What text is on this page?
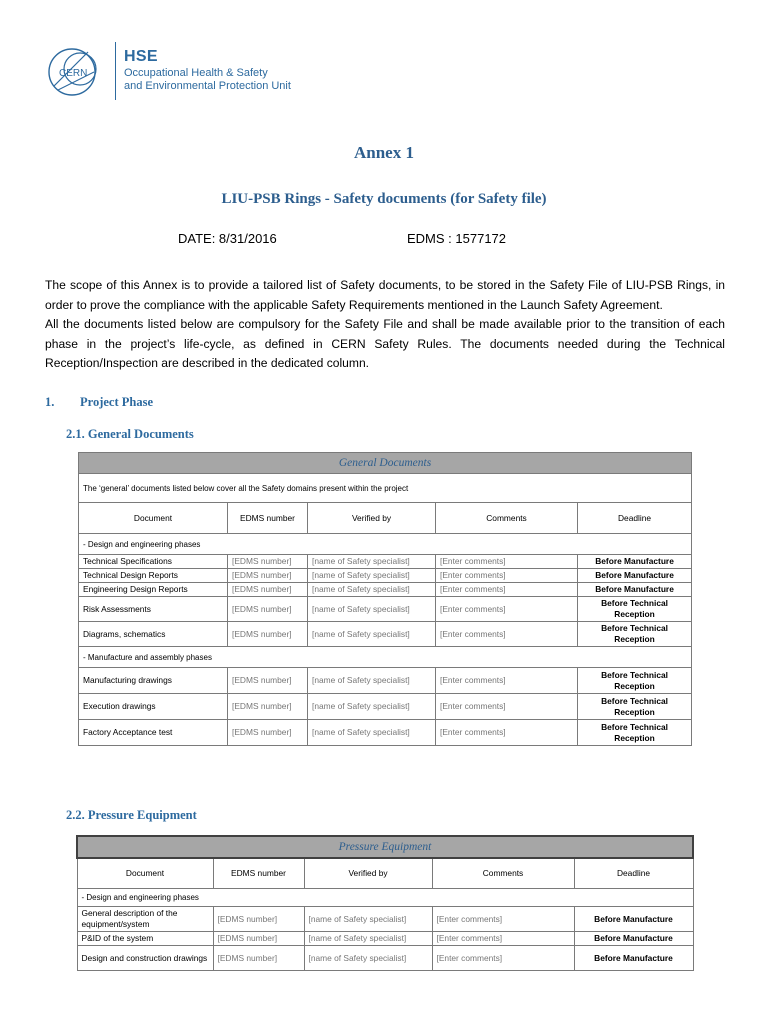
CERN
HSE
Occupational Health & Safety
and Environmental Protection Unit
Annex 1
LIU-PSB Rings - Safety documents (for Safety file)
DATE: 8/31/2016	EDMS : 1577172

The scope of this Annex is to provide a tailored list of Safety documents, to be stored in the Safety File of LIU-PSB Rings, in order to prove the compliance with the applicable Safety Requirements mentioned in the Launch Safety Agreement.

All the documents listed below are compulsory for the Safety File and shall be made available prior to the transition of each phase in the project’s life-cycle, as defined in CERN Safety Rules. The documents needed during the Technical Reception/Inspection are described in the dedicated column.

1. Project Phase
2.1. General Documents
General Documents				
The ‘general’ documents listed below cover all the Safety domains present within the project				
Document	EDMS number	Verified by	Comments	Deadline
- Design and engineering phases				
Technical Specifications	[EDMS number]	[name of Safety specialist]	[Enter comments]	Before Manufacture
Technical Design Reports	[EDMS number]	[name of Safety specialist]	[Enter comments]	Before Manufacture
Engineering Design Reports	[EDMS number]	[name of Safety specialist]	[Enter comments]	Before Manufacture
Risk Assessments	[EDMS number]	[name of Safety specialist]	[Enter comments]	Before Technical Reception
Diagrams, schematics	[EDMS number]	[name of Safety specialist]	[Enter comments]	Before Technical Reception
- Manufacture and assembly phases				
Manufacturing drawings	[EDMS number]	[name of Safety specialist]	[Enter comments]	Before Technical Reception
Execution drawings	[EDMS number]	[name of Safety specialist]	[Enter comments]	Before Technical Reception
Factory Acceptance test	[EDMS number]	[name of Safety specialist]	[Enter comments]	Before Technical Reception
2.2. Pressure Equipment
Pressure Equipment				
Document	EDMS number	Verified by	Comments	Deadline
- Design and engineering phases				
General description of the equipment/system	[EDMS number]	[name of Safety specialist]	[Enter comments]	Before Manufacture
P&ID of the system	[EDMS number]	[name of Safety specialist]	[Enter comments]	Before Manufacture
Design and construction drawings	[EDMS number]	[name of Safety specialist]	[Enter comments]	Before Manufacture
